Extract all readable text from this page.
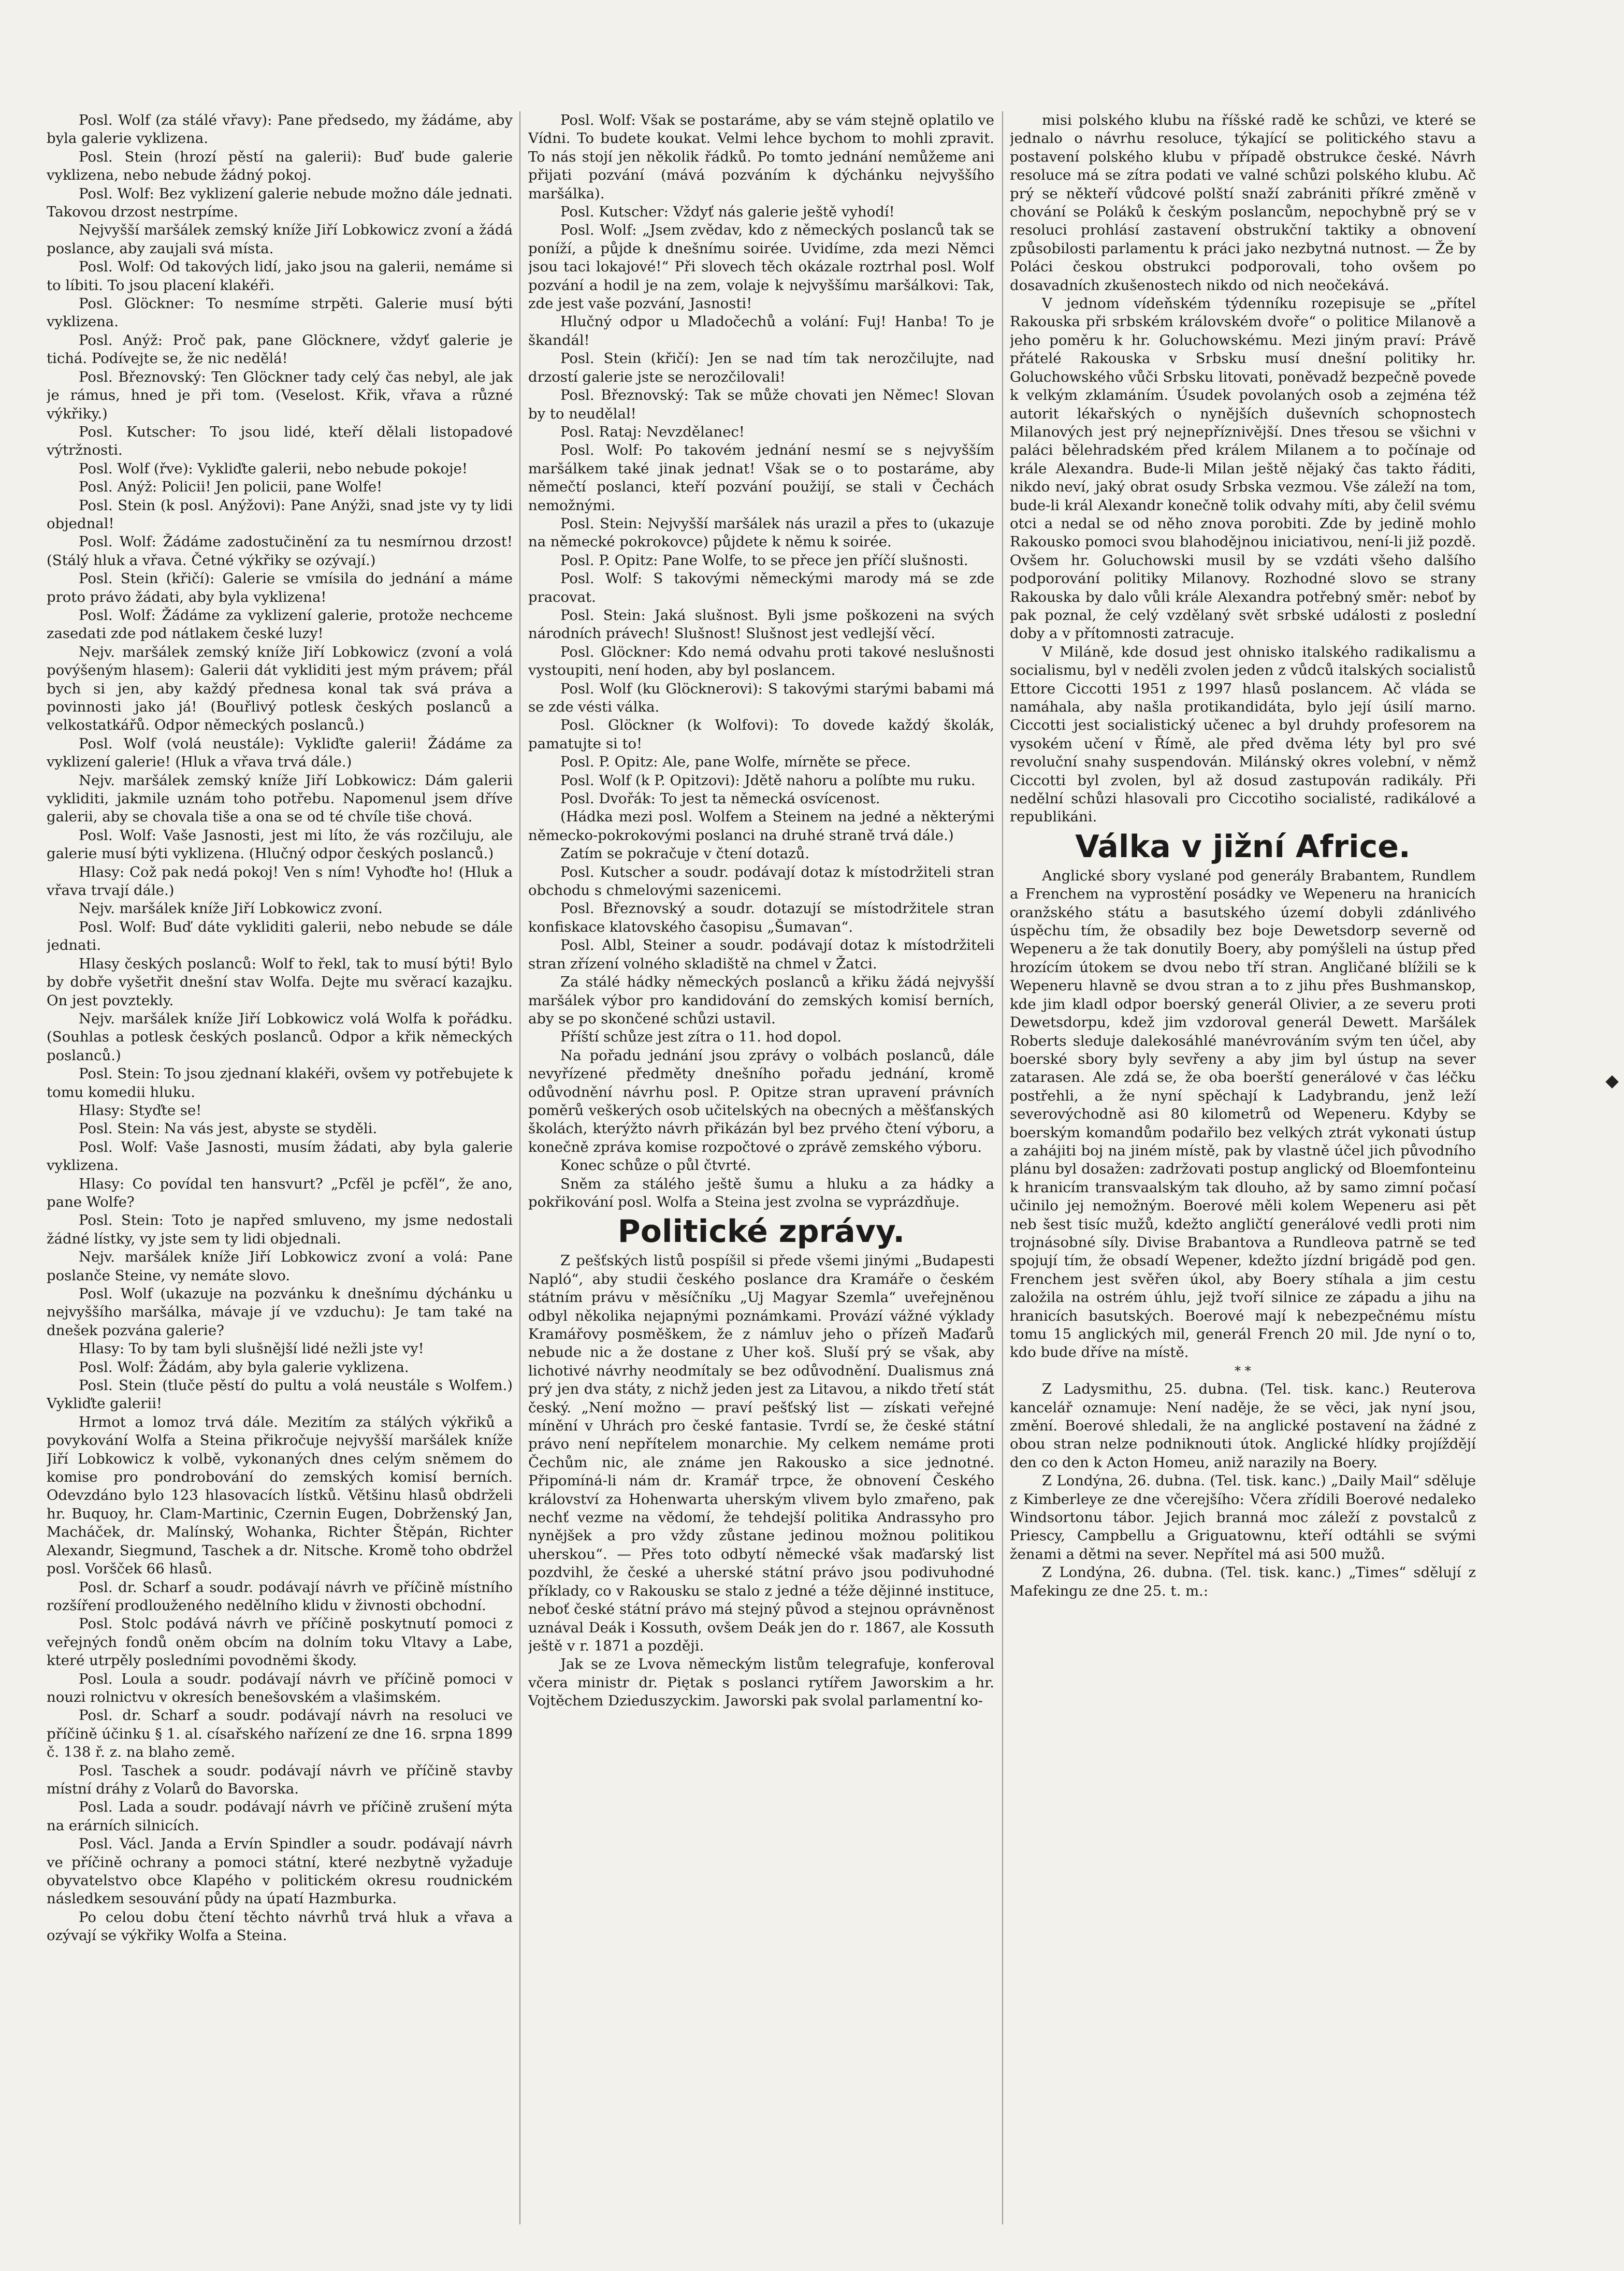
Posl. Wolf (za stálé vřavy): Pane předsedo, my žádáme, aby byla galerie vyklizena.

Posl. Stein (hrozí pěstí na galerii): Buď bude galerie vyklizena, nebo nebude žádný pokoj.

Posl. Wolf: Bez vyklizení galerie nebude možno dále jednati. Takovou drzost nestrpíme.

Nejvyšší maršálek zemský kníže Jiří Lobkowicz zvoní a žádá poslance, aby zaujali svá místa.

Posl. Wolf: Od takových lidí, jako jsou na galerii, nemáme si to líbiti. To jsou placení klakéři.

Posl. Glöckner: To nesmíme strpěti. Galerie musí býti vyklizena.

Posl. Anýž: Proč pak, pane Glöcknere, vždyť galerie je tichá. Podívejte se, že nic nedělá!

Posl. Březnovský: Ten Glöckner tady celý čas nebyl, ale jak je rámus, hned je při tom. (Veselost. Křik, vřava a různé výkřiky.)

Posl. Kutscher: To jsou lidé, kteří dělali listopadové výtržnosti.

Posl. Wolf (řve): Vykliďte galerii, nebo nebude pokoje!

Posl. Anýž: Policii! Jen policii, pane Wolfe!

Posl. Stein (k posl. Anýžovi): Pane Anýži, snad jste vy ty lidi objednal!

Posl. Wolf: Žádáme zadostučinění za tu nesmírnou drzost! (Stálý hluk a vřava. Četné výkřiky se ozývají.)

Posl. Stein (křičí): Galerie se vmísila do jednání a máme proto právo žádati, aby byla vyklizena!

Posl. Wolf: Žádáme za vyklizení galerie, protože nechceme zasedati zde pod nátlakem české luzy!

Nejv. maršálek zemský kníže Jiří Lobkowicz (zvoní a volá povýšeným hlasem): Galerii dát vykliditi jest mým právem; přál bych si jen, aby každý přednesa konal tak svá práva a povinnosti jako já! (Bouřlivý potlesk českých poslanců a velkostatkářů. Odpor německých poslanců.)

Posl. Wolf (volá neustále): Vykliďte galerii! Žádáme za vyklizení galerie! (Hluk a vřava trvá dále.)

Nejv. maršálek zemský kníže Jiří Lobkowicz: Dám galerii vykliditi, jakmile uznám toho potřebu. Napomenul jsem dříve galerii, aby se chovala tiše a ona se od té chvíle tiše chová.

Posl. Wolf: Vaše Jasnosti, jest mi líto, že vás rozčiluju, ale galerie musí býti vyklizena. (Hlučný odpor českých poslanců.)

Hlasy: Což pak nedá pokoj! Ven s ním! Vyhoďte ho! (Hluk a vřava trvají dále.)

Nejv. maršálek kníže Jiří Lobkowicz zvoní.

Posl. Wolf: Buď dáte vykliditi galerii, nebo nebude se dále jednati.

Hlasy českých poslanců: Wolf to řekl, tak to musí býti! Bylo by dobře vyšetřit dnešní stav Wolfa. Dejte mu svěrací kazajku. On jest povztekly.

Nejv. maršálek kníže Jiří Lobkowicz volá Wolfa k pořádku. (Souhlas a potlesk českých poslanců. Odpor a křik německých poslanců.)

Posl. Stein: To jsou zjednaní klakéři, ovšem vy potřebujete k tomu komedii hluku.

Hlasy: Styďte se!

Posl. Stein: Na vás jest, abyste se styděli.

Posl. Wolf: Vaše Jasnosti, musím žádati, aby byla galerie vyklizena.

Hlasy: Co povídal ten hansvurt? „Pcfěl je pcfěl“, že ano, pane Wolfe?

Posl. Stein: Toto je napřed smluveno, my jsme nedostali žádné lístky, vy jste sem ty lidi objednali.

Nejv. maršálek kníže Jiří Lobkowicz zvoní a volá: Pane poslanče Steine, vy nemáte slovo.

Posl. Wolf (ukazuje na pozvánku k dnešnímu dýchánku u nejvyššího maršálka, mávaje jí ve vzduchu): Je tam také na dnešek pozvána galerie?

Hlasy: To by tam byli slušnější lidé nežli jste vy!

Posl. Wolf: Žádám, aby byla galerie vyklizena.

Posl. Stein (tluče pěstí do pultu a volá neustále s Wolfem.) Vykliďte galerii!

Hrmot a lomoz trvá dále. Mezitím za stálých výkřiků a povykování Wolfa a Steina přikročuje nejvyšší maršálek kníže Jiří Lobkowicz k volbě, vykonaných dnes celým sněmem do komise pro pondrobování do zemských komisí berních. Odevzdáno bylo 123 hlasovacích lístků. Většinu hlasů obdrželi hr. Buquoy, hr. Clam-Martinic, Czernin Eugen, Dobrženský Jan, Macháček, dr. Malínský, Wohanka, Richter Štěpán, Richter Alexandr, Siegmund, Taschek a dr. Nitsche. Kromě toho obdržel posl. Voršček 66 hlasů.

Posl. dr. Scharf a soudr. podávají návrh ve příčině místního rozšíření prodlouženého nedělního klidu v živnosti obchodní.

Posl. Stolc podává návrh ve příčině poskytnutí pomoci z veřejných fondů oněm obcím na dolním toku Vltavy a Labe, které utrpěly posledními povodněmi škody.

Posl. Loula a soudr. podávají návrh ve příčině pomoci v nouzi rolnictvu v okresích benešovském a vlašimském.

Posl. dr. Scharf a soudr. podávají návrh na resoluci ve příčině účinku § 1. al. císařského nařízení ze dne 16. srpna 1899 č. 138 ř. z. na blaho země.

Posl. Taschek a soudr. podávají návrh ve příčině stavby místní dráhy z Volarů do Bavorska.

Posl. Lada a soudr. podávají návrh ve příčině zrušení mýta na erárních silnicích.

Posl. Václ. Janda a Ervín Spindler a soudr. podávají návrh ve příčině ochrany a pomoci státní, které nezbytně vyžaduje obyvatelstvo obce Klapého v politickém okresu roudnickém následkem sesouvání půdy na úpatí Hazmburka.

Po celou dobu čtení těchto návrhů trvá hluk a vřava a ozývají se výkřiky Wolfa a Steina.

Posl. Wolf: Však se postaráme, aby se vám stejně oplatilo ve Vídni. To budete koukat. Velmi lehce bychom to mohli zpravit. To nás stojí jen několik řádků. Po tomto jednání nemůžeme ani přijati pozvání (mává pozváním k dýchánku nejvyššího maršálka).

Posl. Kutscher: Vždyť nás galerie ještě vyhodí!

Posl. Wolf: „Jsem zvědav, kdo z německých poslanců tak se poníží, a půjde k dnešnímu soirée. Uvidíme, zda mezi Němci jsou taci lokajové!“ Při slovech těch okázale roztrhal posl. Wolf pozvání a hodil je na zem, volaje k nejvyššímu maršálkovi: Tak, zde jest vaše pozvání, Jasnosti!

Hlučný odpor u Mladočechů a volání: Fuj! Hanba! To je škandál!

Posl. Stein (křičí): Jen se nad tím tak nerozčilujte, nad drzostí galerie jste se nerozčilovali!

Posl. Březnovský: Tak se může chovati jen Němec! Slovan by to neudělal!

Posl. Rataj: Nevzdělanec!

Posl. Wolf: Po takovém jednání nesmí se s nejvyšším maršálkem také jinak jednat! Však se o to postaráme, aby němečtí poslanci, kteří pozvání použijí, se stali v Čechách nemožnými.

Posl. Stein: Nejvyšší maršálek nás urazil a přes to (ukazuje na německé pokrokovce) půjdete k němu k soirée.

Posl. P. Opitz: Pane Wolfe, to se přece jen příčí slušnosti.

Posl. Wolf: S takovými německými marody má se zde pracovat.

Posl. Stein: Jaká slušnost. Byli jsme poškozeni na svých národních právech! Slušnost! Slušnost jest vedlejší věcí.

Posl. Glöckner: Kdo nemá odvahu proti takové neslušnosti vystoupiti, není hoden, aby byl poslancem.

Posl. Wolf (ku Glöcknerovi): S takovými starými babami má se zde vésti válka.

Posl. Glöckner (k Wolfovi): To dovede každý školák, pamatujte si to!

Posl. P. Opitz: Ale, pane Wolfe, mírněte se přece.

Posl. Wolf (k P. Opitzovi): Jdětě nahoru a políbte mu ruku.

Posl. Dvořák: To jest ta německá osvícenost.

(Hádka mezi posl. Wolfem a Steinem na jedné a některými německo-pokrokovými poslanci na druhé straně trvá dále.)

Zatím se pokračuje v čtení dotazů.

Posl. Kutscher a soudr. podávají dotaz k místodržiteli stran obchodu s chmelovými sazenicemi.

Posl. Březnovský a soudr. dotazují se místodržitele stran konfiskace klatovského časopisu „Šumavan“.

Posl. Albl, Steiner a soudr. podávají dotaz k místodržiteli stran zřízení volného skladiště na chmel v Žatci.

Za stálé hádky německých poslanců a křiku žádá nejvyšší maršálek výbor pro kandidování do zemských komisí berních, aby se po skončené schůzi ustavil.

Příští schůze jest zítra o 11. hod dopol.

Na pořadu jednání jsou zprávy o volbách poslanců, dále nevyřízené předměty dnešního pořadu jednání, kromě odůvodnění návrhu posl. P. Opitze stran upravení právních poměrů veškerých osob učitelských na obecných a měšťanských školách, kterýžto návrh přikázán byl bez prvého čtení výboru, a konečně zpráva komise rozpočtové o zprávě zemského výboru.

Konec schůze o půl čtvrté.

Sněm za stálého ještě šumu a hluku a za hádky a pokřikování posl. Wolfa a Steina jest zvolna se vyprázdňuje.

Politické zprávy.

Z pešťských listů pospíšil si přede všemi jinými „Budapesti Napló“, aby studii českého poslance dra Kramáře o českém státním právu v měsíčníku „Uj Magyar Szemla“ uveřejněnou odbyl několika nejapnými poznámkami. Provází vážné výklady Kramářovy posměškem, že z námluv jeho o přízeň Maďarů nebude nic a že dostane z Uher koš. Sluší prý se však, aby lichotivé návrhy neodmítaly se bez odůvodnění. Dualismus zná prý jen dva státy, z nichž jeden jest za Litavou, a nikdo třetí stát český. „Není možno — praví pešťský list — získati veřejné mínění v Uhrách pro české fantasie. Tvrdí se, že české státní právo není nepřítelem monarchie. My celkem nemáme proti Čechům nic, ale známe jen Rakousko a sice jednotné. Připomíná-li nám dr. Kramář trpce, že obnovení Českého království za Hohenwarta uherským vlivem bylo zmařeno, pak nechť vezme na vědomí, že tehdejší politika Andrassyho pro nynějšek a pro vždy zůstane jedinou možnou politikou uherskou“. — Přes toto odbytí německé však maďarský list pozdvihl, že české a uherské státní právo jsou podivuhodné příklady, co v Rakousku se stalo z jedné a téže dějinné instituce, neboť české státní právo má stejný původ a stejnou oprávněnost uznával Deák i Kossuth, ovšem Deák jen do r. 1867, ale Kossuth ještě v r. 1871 a později.

Jak se ze Lvova německým listům telegrafuje, konferoval včera ministr dr. Piętak s poslanci rytířem Jaworskim a hr. Vojtěchem Dzieduszyckim. Jaworski pak svolal parlamentní ko-

misi polského klubu na říšské radě ke schůzi, ve které se jednalo o návrhu resoluce, týkající se politického stavu a postavení polského klubu v případě obstrukce české. Návrh resoluce má se zítra podati ve valné schůzi polského klubu. Ač prý se někteří vůdcové polští snaží zabrániti příkré změně v chování se Poláků k českým poslancům, nepochybně prý se v resoluci prohlásí zastavení obstrukční taktiky a obnovení způsobilosti parlamentu k práci jako nezbytná nutnost. — Že by Poláci českou obstrukci podporovali, toho ovšem po dosavadních zkušenostech nikdo od nich neočekává.

V jednom vídeňském týdenníku rozepisuje se „přítel Rakouska při srbském královském dvoře“ o politice Milanově a jeho poměru k hr. Goluchowskému. Mezi jiným praví: Právě přátelé Rakouska v Srbsku musí dnešní politiky hr. Goluchowského vůči Srbsku litovati, poněvadž bezpečně povede k velkým zklamáním. Úsudek povolaných osob a zejména též autorit lékařských o nynějších duševních schopnostech Milanových jest prý nejnepříznivější. Dnes třesou se všichni v paláci bělehradském před králem Milanem a to počínaje od krále Alexandra. Bude-li Milan ještě nějaký čas takto řáditi, nikdo neví, jaký obrat osudy Srbska vezmou. Vše záleží na tom, bude-li král Alexandr konečně tolik odvahy míti, aby čelil svému otci a nedal se od něho znova porobiti. Zde by jedině mohlo Rakousko pomoci svou blahodějnou iniciativou, není-li již pozdě. Ovšem hr. Goluchowski musil by se vzdáti všeho dalšího podporování politiky Milanovy. Rozhodné slovo se strany Rakouska by dalo vůli krále Alexandra potřebný směr: neboť by pak poznal, že celý vzdělaný svět srbské události z poslední doby a v přítomnosti zatracuje.

V Miláně, kde dosud jest ohnisko italského radikalismu a socialismu, byl v neděli zvolen jeden z vůdců italských socialistů Ettore Ciccotti 1951 z 1997 hlasů poslancem. Ač vláda se namáhala, aby našla protikandidáta, bylo její úsilí marno. Ciccotti jest socialistický učenec a byl druhdy profesorem na vysokém učení v Římě, ale před dvěma léty byl pro své revoluční snahy suspendován. Milánský okres volební, v němž Ciccotti byl zvolen, byl až dosud zastupován radikály. Při nedělní schůzi hlasovali pro Ciccotiho socialisté, radikálové a republikáni.

Válka v jižní Africe.

Anglické sbory vyslané pod generály Brabantem, Rundlem a Frenchem na vyprostění posádky ve Wepeneru na hranicích oranžského státu a basutského území dobyli zdánlivého úspěchu tím, že obsadily bez boje Dewetsdorp severně od Wepeneru a že tak donutily Boery, aby pomýšleli na ústup před hrozícím útokem se dvou nebo tří stran. Angličané blížili se k Wepeneru hlavně se dvou stran a to z jihu přes Bushmanskop, kde jim kladl odpor boerský generál Olivier, a ze severu proti Dewetsdorpu, kdež jim vzdoroval generál Dewett. Maršálek Roberts sleduje dalekosáhlé manévrováním svým ten účel, aby boerské sbory byly sevřeny a aby jim byl ústup na sever zatarasen. Ale zdá se, že oba boerští generálové v čas léčku postřehli, a že nyní spěchají k Ladybrandu, jenž leží severovýchodně asi 80 kilometrů od Wepeneru. Kdyby se boerským komandům podařilo bez velkých ztrát vykonati ústup a zahájiti boj na jiném místě, pak by vlastně účel jich původního plánu byl dosažen: zadržovati postup anglický od Bloemfonteinu k hranicím transvaalským tak dlouho, až by samo zimní počasí učinilo jej nemožným. Boerové měli kolem Wepeneru asi pět neb šest tisíc mužů, kdežto angličtí generálové vedli proti nim trojnásobné síly. Divise Brabantova a Rundleova patrně se teď spojují tím, že obsadí Wepener, kdežto jízdní brigádě pod gen. Frenchem jest svěřen úkol, aby Boery stíhala a jim cestu založila na ostrém úhlu, jejž tvoří silnice ze západu a jihu na hranicích basutských. Boerové mají k nebezpečnému místu tomu 15 anglických mil, generál French 20 mil. Jde nyní o to, kdo bude dříve na místě.

* *

Z Ladysmithu, 25. dubna. (Tel. tisk. kanc.) Reuterova kancelář oznamuje: Není naděje, že se věci, jak nyní jsou, změní. Boerové shledali, že na anglické postavení na žádné z obou stran nelze podniknouti útok. Anglické hlídky projíždějí den co den k Acton Homeu, aniž narazily na Boery.

Z Londýna, 26. dubna. (Tel. tisk. kanc.) „Daily Mail“ sděluje z Kimberleye ze dne včerejšího: Včera zřídili Boerové nedaleko Windsortonu tábor. Jejich branná moc záleží z povstalců z Priescy, Campbellu a Griguatownu, kteří odtáhli se svými ženami a dětmi na sever. Nepřítel má asi 500 mužů.

Z Londýna, 26. dubna. (Tel. tisk. kanc.) „Times“ sdělují z Mafekingu ze dne 25. t. m.:
